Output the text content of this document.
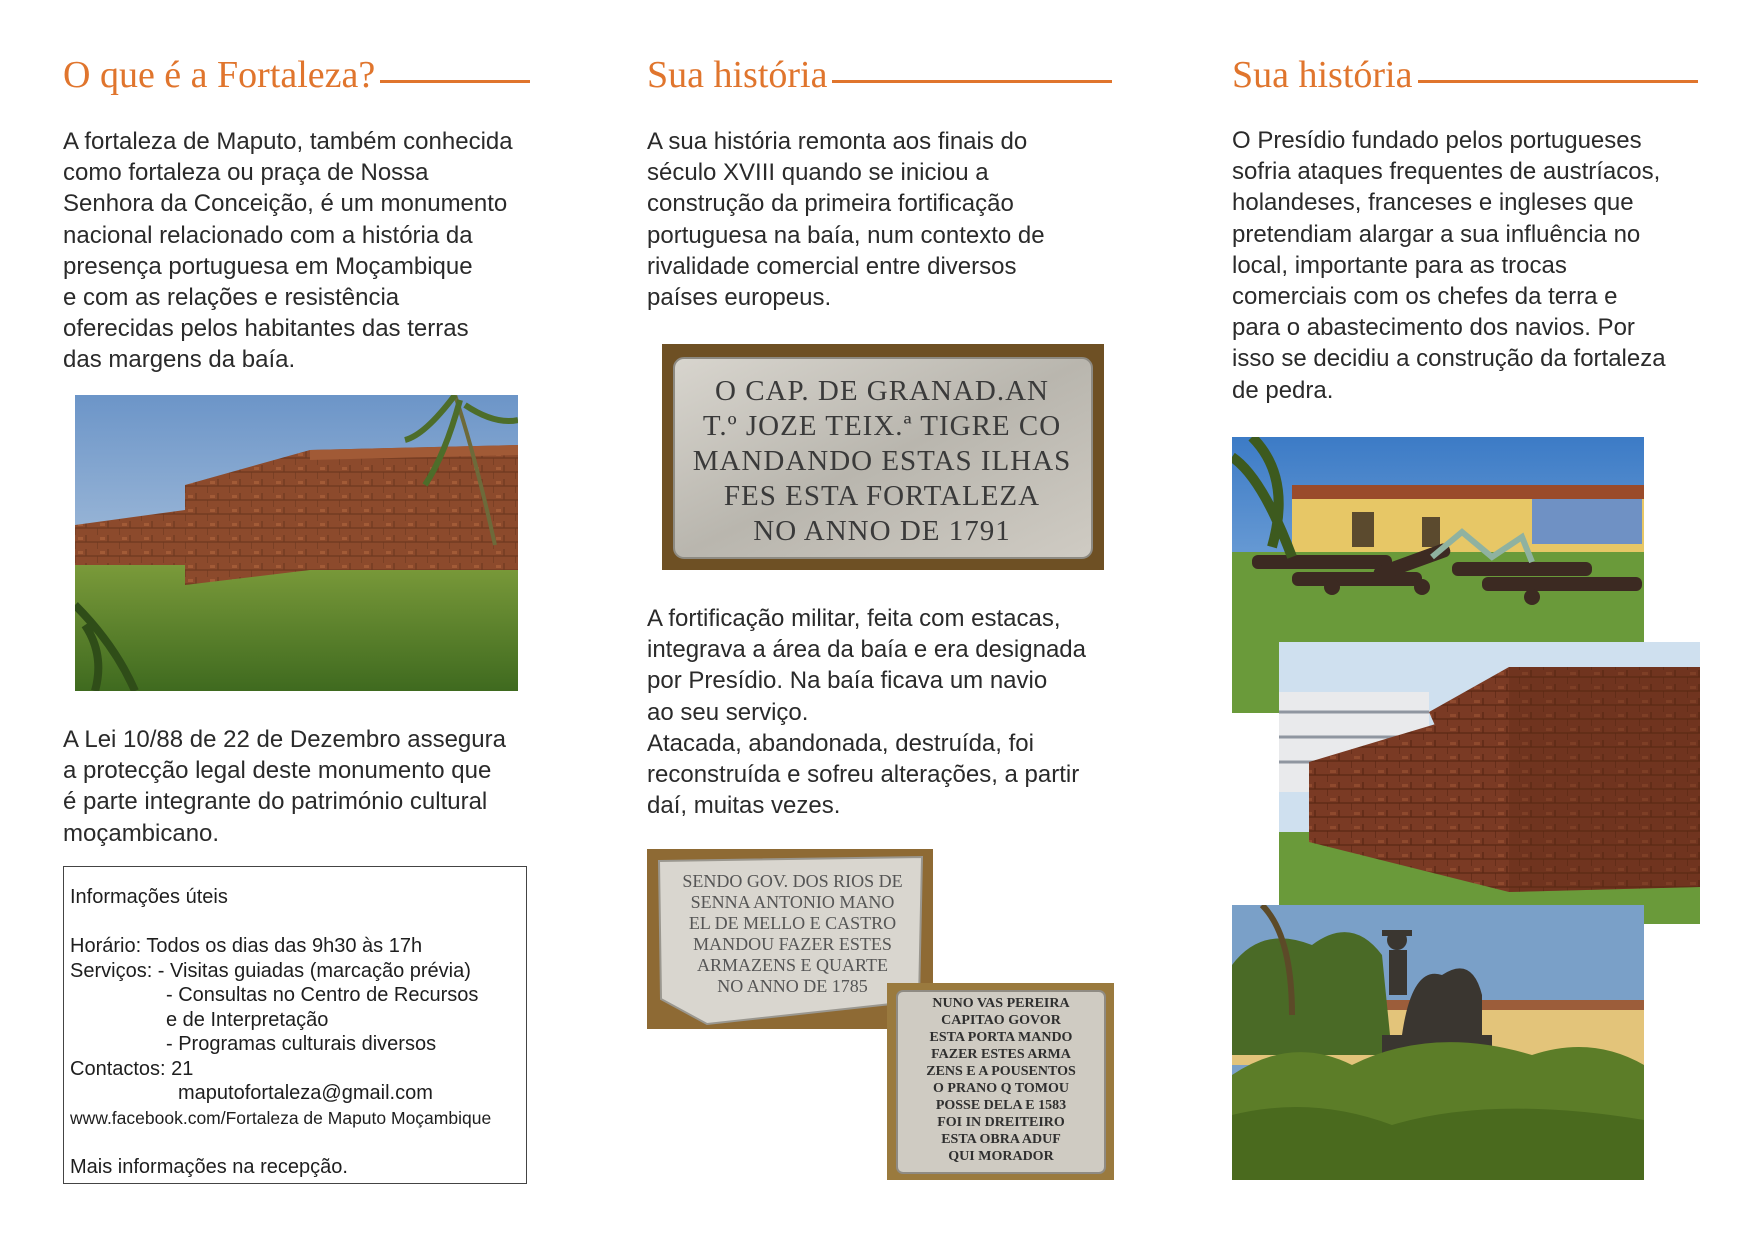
O que é a Fortaleza?

A fortaleza de Maputo, também conhecida
como fortaleza ou praça de Nossa
Senhora da Conceição, é um monumento
nacional relacionado com a história da
presença portuguesa em Moçambique
e com as relações e resistência
oferecidas pelos habitantes das terras
das margens da baía.

A Lei 10/88 de 22 de Dezembro assegura
a protecção legal deste monumento que
é parte integrante do património cultural
moçambicano.

Informações úteis

Horário: Todos os dias das 9h30 às 17h
Serviços: - Visitas guiadas (marcação prévia)
- Consultas no Centro de Recursos
e de Interpretação
- Programas culturais diversos
Contactos: 21
maputofortaleza@gmail.com
www.facebook.com/Fortaleza de Maputo Moçambique

Mais informações na recepção.
Sua história

A sua história remonta aos finais do
século XVIII quando se iniciou a
construção da primeira fortificação
portuguesa na baía, num contexto de
rivalidade comercial entre diversos
países europeus.

O CAP. DE GRANAD.AN
T.º JOZE TEIX.ª TIGRE CO
MANDANDO ESTAS ILHAS
FES ESTA FORTALEZA
NO ANNO DE 1791

A fortificação militar, feita com estacas,
integrava a área da baía e era designada
por Presídio. Na baía ficava um navio
ao seu serviço.
Atacada, abandonada, destruída, foi
reconstruída e sofreu alterações, a partir
daí, muitas vezes.

SENDO GOV. DOS RIOS DE
SENNA ANTONIO MANO
EL DE MELLO E CASTRO
MANDOU FAZER ESTES
ARMAZENS E QUARTE
NO ANNO DE 1785
NUNO VAS PEREIRA
CAPITAO GOVOR
ESTA PORTA MANDO
FAZER ESTES ARMA
ZENS E A POUSENTOS
O PRANO Q TOMOU
POSSE DELA E 1583
FOI IN DREITEIRO
ESTA OBRA ADUF
QUI MORADOR
Sua história

O Presídio fundado pelos portugueses
sofria ataques frequentes de austríacos,
holandeses, franceses e ingleses que
pretendiam alargar a sua influência no
local, importante para as trocas
comerciais com os chefes da terra e
para o abastecimento dos navios. Por
isso se decidiu a construção da fortaleza
de pedra.
